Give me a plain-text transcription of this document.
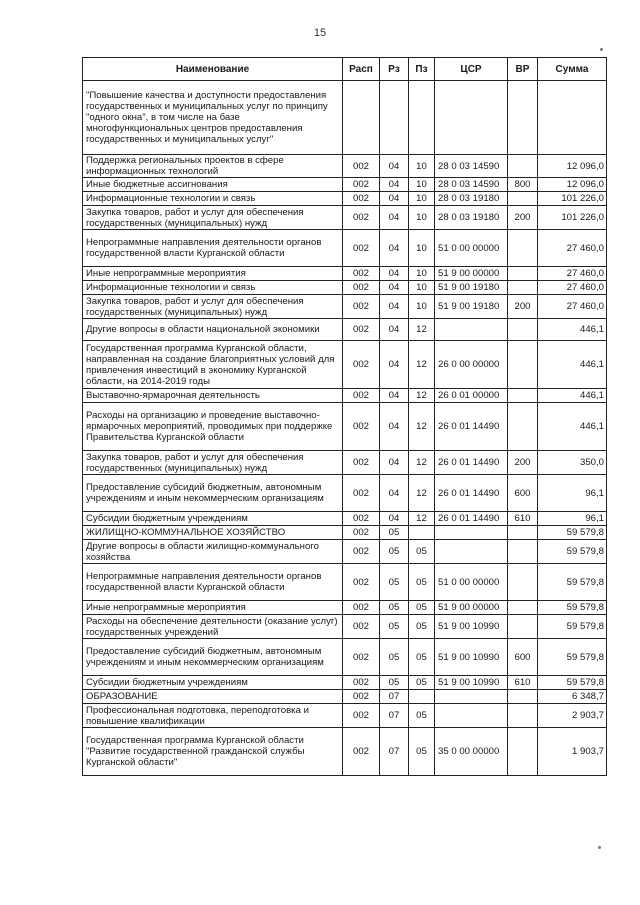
15
Наименование	Расп	Рз	Пз	ЦСР	ВР	Сумма
"Повышение качества и доступности предоставления государственных и муниципальных услуг по принципу "одного окна", в том числе на базе многофункциональных центров предоставления государственных и муниципальных услуг"						
Поддержка региональных проектов в сфере информационных технологий	002	04	10	28 0 03 14590		12 096,0
Иные бюджетные ассигнования	002	04	10	28 0 03 14590	800	12 096,0
Информационные технологии и связь	002	04	10	28 0 03 19180		101 226,0
Закупка товаров, работ и услуг для обеспечения государственных (муниципальных) нужд	002	04	10	28 0 03 19180	200	101 226,0
Непрограммные направления деятельности органов государственной власти Курганской области	002	04	10	51 0 00 00000		27 460,0
Иные непрограммные мероприятия	002	04	10	51 9 00 00000		27 460,0
Информационные технологии и связь	002	04	10	51 9 00 19180		27 460,0
Закупка товаров, работ и услуг для обеспечения государственных (муниципальных) нужд	002	04	10	51 9 00 19180	200	27 460,0
Другие вопросы в области национальной экономики	002	04	12			446,1
Государственная программа Курганской области, направленная на создание благоприятных условий для привлечения инвестиций в экономику Курганской области, на 2014-2019 годы	002	04	12	26 0 00 00000		446,1
Выставочно-ярмарочная деятельность	002	04	12	26 0 01 00000		446,1
Расходы на организацию и проведение выставочно-ярмарочных мероприятий, проводимых при поддержке Правительства Курганской области	002	04	12	26 0 01 14490		446,1
Закупка товаров, работ и услуг для обеспечения государственных (муниципальных) нужд	002	04	12	26 0 01 14490	200	350,0
Предоставление субсидий бюджетным, автономным учреждениям и иным некоммерческим организациям	002	04	12	26 0 01 14490	600	96,1
Субсидии бюджетным учреждениям	002	04	12	26 0 01 14490	610	96,1
ЖИЛИЩНО-КОММУНАЛЬНОЕ ХОЗЯЙСТВО	002	05				59 579,8
Другие вопросы в области жилищно-коммунального хозяйства	002	05	05			59 579,8
Непрограммные направления деятельности органов государственной власти Курганской области	002	05	05	51 0 00 00000		59 579,8
Иные непрограммные мероприятия	002	05	05	51 9 00 00000		59 579,8
Расходы на обеспечение деятельности (оказание услуг) государственных учреждений	002	05	05	51 9 00 10990		59 579,8
Предоставление субсидий бюджетным, автономным учреждениям и иным некоммерческим организациям	002	05	05	51 9 00 10990	600	59 579,8
Субсидии бюджетным учреждениям	002	05	05	51 9 00 10990	610	59 579,8
ОБРАЗОВАНИЕ	002	07				6 348,7
Профессиональная подготовка, переподготовка и повышение квалификации	002	07	05			2 903,7
Государственная программа Курганской области "Развитие государственной гражданской службы Курганской области"	002	07	05	35 0 00 00000		1 903,7
